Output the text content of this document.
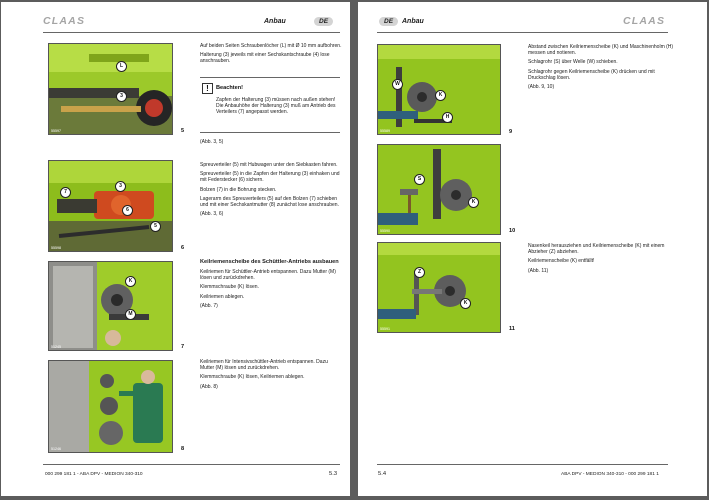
CLAAS	Anbau	DE
L
3
55597	5

Auf beiden Seiten Schraubenlöcher (L) mit Ø 10 mm aufbohren.

Halterung (3) jeweils mit einer Sechskantschraube (4) lose anschrauben.

!	Beachten!
Zapfen der Halterung (3) müssen nach außen stehen! Die Anbauhöhe der Halterung (3) muß am Antrieb des Verteilers (7) angepasst werden.
(Abb. 3, 5)
7
3
6
5
55598	6

Spreuverteiler (5) mit Hubwagen unter den Siebkasten fahren.

Spreuverteiler (5) in die Zapfen der Halterung (3) einhaken und mit Federstecker (6) sichern.

Bolzen (7) in die Bohrung stecken.

Lagerarm des Spreuverteilers (5) auf den Bolzen (7) schieben und mit einer Sechskantmutter (8) zunächst lose anschrauben.

(Abb. 3, 6)

K
M
51245	7
Keilriemenscheibe des Schüttler-Antriebs ausbauen

Keilriemen für Schüttler-Antrieb entspannen. Dazu Mutter (M) lösen und zurückdrehen.

Klemmschraube (K) lösen.

Keilriemen ablegen.

(Abb. 7)

51246	8

Keilriemen für Intensivschüttler-Antrieb entspannen. Dazu Mutter (M) lösen und zurückdrehen.

Klemmschraube (K) lösen, Keilriemen ablegen.

(Abb. 8)

000 299 181 1 - ABA DPV - MEDION 340-310	5.3
DE	Anbau	CLAAS
W
K
H
55589	9

Abstand zwischen Keilriemenscheibe (K) und Maschinenholm (H) messen und notieren.

Schlagrohr (S) über Welle (W) schieben.

Schlagrohr gegen Keilriemenscheibe (K) drücken und mit Druckschlag lösen.

(Abb. 9, 10)

S
K
55590	10
Z
K
55591	11

Nasenkeil herausziehen und Keilriemenscheibe (K) mit einem Abzieher (Z) abziehen.

Keilriemenscheibe (K) entfällt!

(Abb. 11)

5.4	ABA DPV - MEDION 340-310 - 000 299 181 1
